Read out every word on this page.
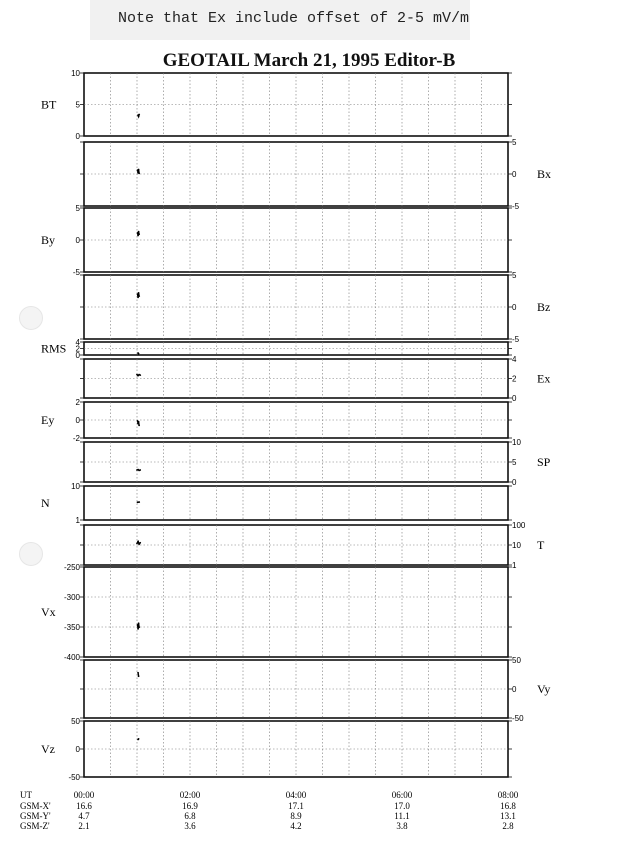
Note that Ex include offset of 2-5 mV/m
GEOTAIL March 21, 1995 Editor-B
10
5
0
BT
5
0
-5
Bx
5
0
-5
By
5
0
-5
Bz
4
2
0
RMS
4
2
0
Ex
2
0
-2
Ey
10
5
0
SP
10
1
N
100
10
1
T
-250
-300
-350
-400
Vx
50
0
-50
Vy
50
0
-50
Vz
UT
GSM-X'
GSM-Y'
GSM-Z'
00:00
16.6
4.7
2.1
02:00
16.9
6.8
3.6
04:00
17.1
8.9
4.2
06:00
17.0
11.1
3.8
08:00
16.8
13.1
2.8
